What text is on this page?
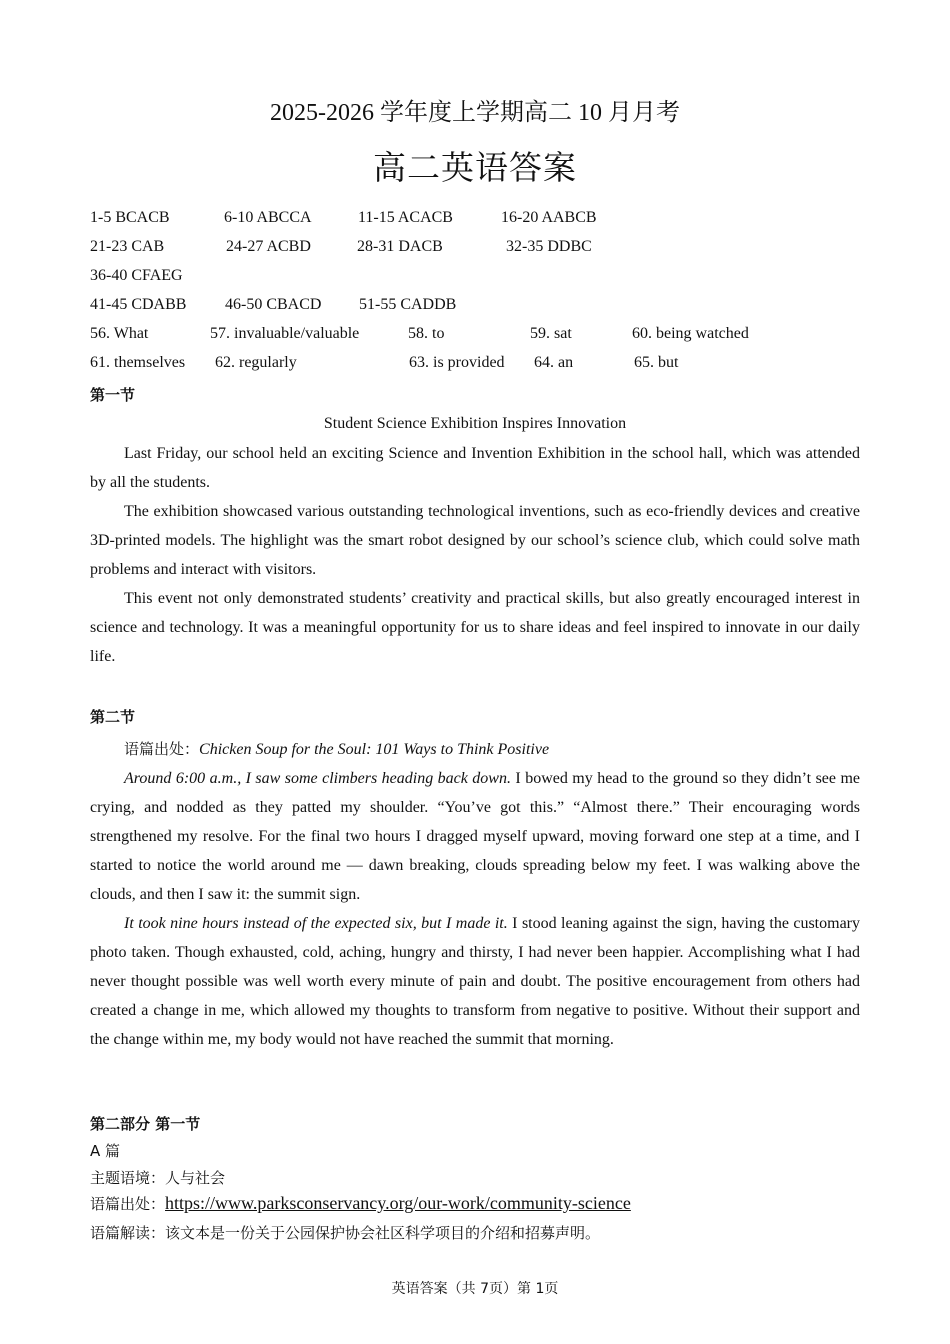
2025-2026 学年度上学期高二 10 月月考
高二英语答案
1-5 BCACB	6-10 ABCCA	11-15 ACACB	16-20 AABCB
21-23 CAB	24-27 ACBD	28-31 DACB	32-35 DDBC
36-40 CFAEG
41-45 CDABB 46-50 CBACD 51-55 CADDB
56. What	57. invaluable/valuable	58. to	59. sat	60. being watched
61. themselves 62. regularly	63. is provided 64. an	65. but
第一节
Student Science Exhibition Inspires Innovation

Last Friday, our school held an exciting Science and Invention Exhibition in the school hall, which was attended by all the students.

The exhibition showcased various outstanding technological inventions, such as eco-friendly devices and creative 3D-printed models. The highlight was the smart robot designed by our school’s science club, which could solve math problems and interact with visitors.

This event not only demonstrated students’ creativity and practical skills, but also greatly encouraged interest in science and technology. It was a meaningful opportunity for us to share ideas and feel inspired to innovate in our daily life.

第二节
语篇出处：Chicken Soup for the Soul: 101 Ways to Think Positive

Around 6:00 a.m., I saw some climbers heading back down. I bowed my head to the ground so they didn’t see me crying, and nodded as they patted my shoulder. “You’ve got this.” “Almost there.” Their encouraging words strengthened my resolve. For the final two hours I dragged myself upward, moving forward one step at a time, and I started to notice the world around me — dawn breaking, clouds spreading below my feet. I was walking above the clouds, and then I saw it: the summit sign.

It took nine hours instead of the expected six, but I made it. I stood leaning against the sign, having the customary photo taken. Though exhausted, cold, aching, hungry and thirsty, I had never been happier. Accomplishing what I had never thought possible was well worth every minute of pain and doubt. The positive encouragement from others had created a change in me, which allowed my thoughts to transform from negative to positive. Without their support and the change within me, my body would not have reached the summit that morning.

第二部分 第一节
A 篇
主题语境：人与社会
语篇出处：https://www.parksconservancy.org/our-work/community-science
语篇解读：该文本是一份关于公园保护协会社区科学项目的介绍和招募声明。
英语答案（共 7页）第 1页
